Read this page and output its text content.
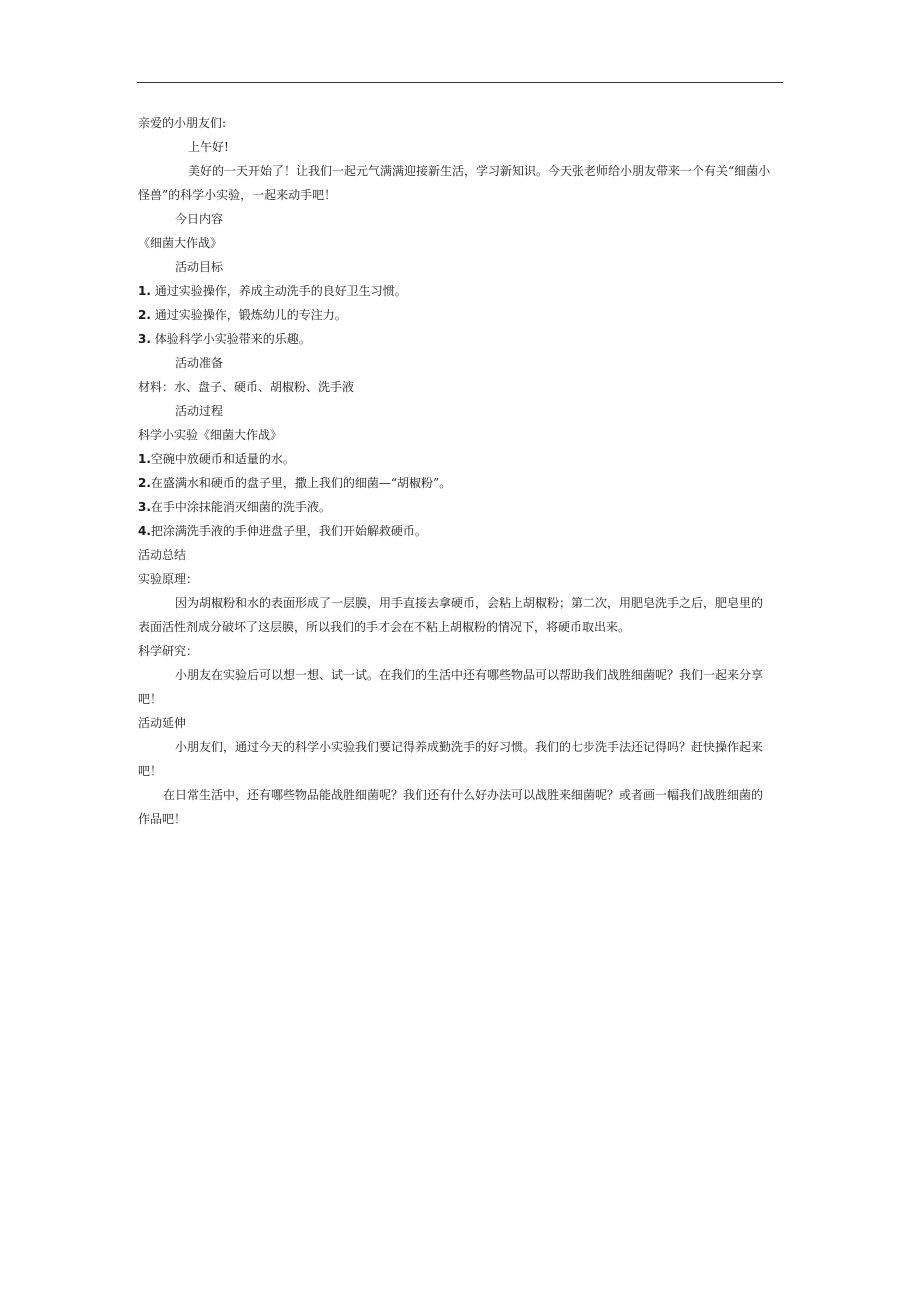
亲爱的小朋友们:
上午好!
美好的一天开始了！让我们一起元气满满迎接新生活，学习新知识。今天张老师给小朋友带来一个有关“细菌小
怪兽”的科学小实验，一起来动手吧！
今日内容
《细菌大作战》
活动目标
1. 通过实验操作，养成主动洗手的良好卫生习惯。
2. 通过实验操作，锻炼幼儿的专注力。
3. 体验科学小实验带来的乐趣。
活动准备
材料：水、盘子、硬币、胡椒粉、洗手液
活动过程
科学小实验《细菌大作战》
1.空碗中放硬币和适量的水。
2.在盛满水和硬币的盘子里，撒上我们的细菌—“胡椒粉”。
3.在手中涂抹能消灭细菌的洗手液。
4.把涂满洗手液的手伸进盘子里，我们开始解救硬币。
活动总结
实验原理：
因为胡椒粉和水的表面形成了一层膜，用手直接去拿硬币，会粘上胡椒粉；第二次，用肥皂洗手之后，肥皂里的
表面活性剂成分破坏了这层膜，所以我们的手才会在不粘上胡椒粉的情况下，将硬币取出来。
科学研究：
小朋友在实验后可以想一想、试一试。在我们的生活中还有哪些物品可以帮助我们战胜细菌呢？我们一起来分享
吧！
活动延伸
小朋友们，通过今天的科学小实验我们要记得养成勤洗手的好习惯。我们的七步洗手法还记得吗？赶快操作起来
吧！
在日常生活中，还有哪些物品能战胜细菌呢？我们还有什么好办法可以战胜来细菌呢？或者画一幅我们战胜细菌的
作品吧！
